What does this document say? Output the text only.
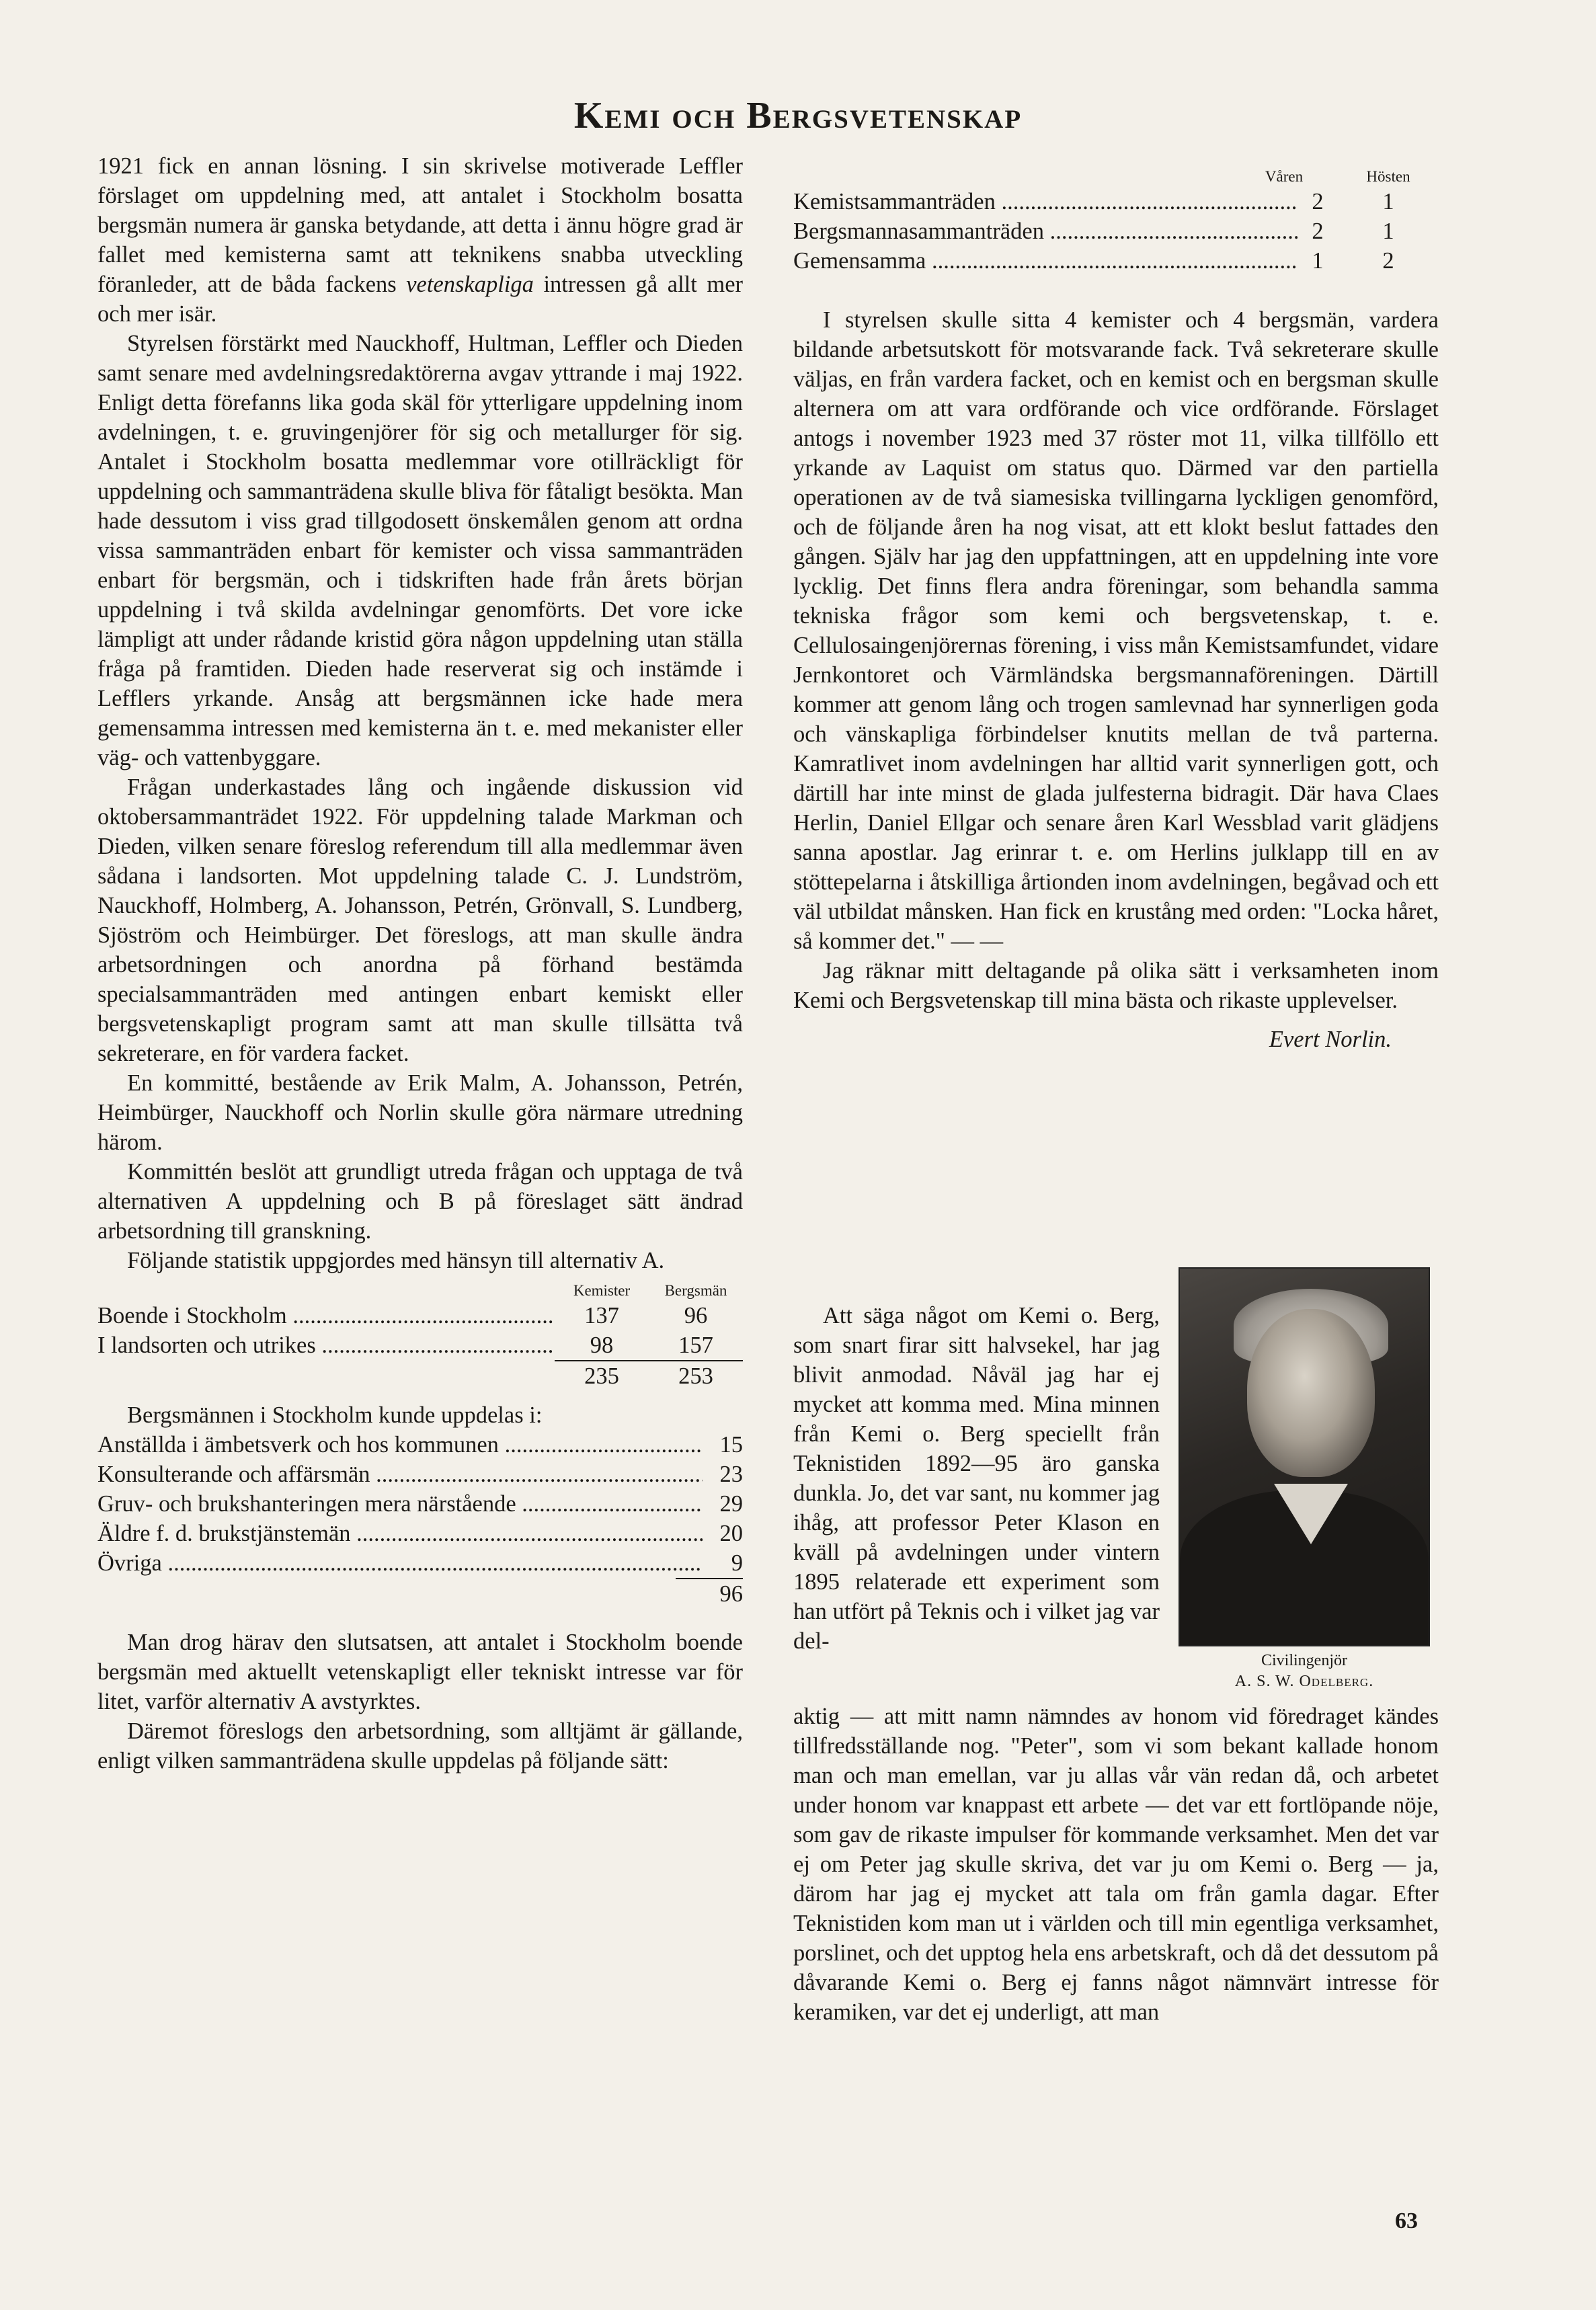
Kemi och Bergsvetenskap

1921 fick en annan lösning. I sin skrivelse motiverade Leffler förslaget om uppdelning med, att antalet i Stockholm bosatta bergsmän numera är ganska betydande, att detta i ännu högre grad är fallet med kemisterna samt att teknikens snabba utveckling föranleder, att de båda fackens vetenskapliga intressen gå allt mer och mer isär.

Styrelsen förstärkt med Nauckhoff, Hultman, Leffler och Dieden samt senare med avdelningsredaktörerna avgav yttrande i maj 1922. Enligt detta förefanns lika goda skäl för ytterligare uppdelning inom avdelningen, t. e. gruvingenjörer för sig och metallurger för sig. Antalet i Stockholm bosatta medlemmar vore otillräckligt för uppdelning och sammanträdena skulle bliva för fåtaligt besökta. Man hade dessutom i viss grad tillgodosett önskemålen genom att ordna vissa sammanträden enbart för kemister och vissa sammanträden enbart för bergsmän, och i tidskriften hade från årets början uppdelning i två skilda avdelningar genomförts. Det vore icke lämpligt att under rådande kristid göra någon uppdelning utan ställa fråga på framtiden. Dieden hade reserverat sig och instämde i Lefflers yrkande. Ansåg att bergsmännen icke hade mera gemensamma intressen med kemisterna än t. e. med mekanister eller väg- och vattenbyggare.

Frågan underkastades lång och ingående diskussion vid oktobersammanträdet 1922. För uppdelning talade Markman och Dieden, vilken senare föreslog referendum till alla medlemmar även sådana i landsorten. Mot uppdelning talade C. J. Lundström, Nauckhoff, Holmberg, A. Johansson, Petrén, Grönvall, S. Lundberg, Sjöström och Heimbürger. Det föreslogs, att man skulle ändra arbetsordningen och anordna på förhand bestämda specialsammanträden med antingen enbart kemiskt eller bergsvetenskapligt program samt att man skulle tillsätta två sekreterare, en för vardera facket.

En kommitté, bestående av Erik Malm, A. Johansson, Petrén, Heimbürger, Nauckhoff och Norlin skulle göra närmare utredning härom.

Kommittén beslöt att grundligt utreda frågan och upptaga de två alternativen A uppdelning och B på föreslaget sätt ändrad arbetsordning till granskning.

Följande statistik uppgjordes med hänsyn till alternativ A.

Kemister	Bergsmän
Boende i Stockholm .....	137	96
I landsorten och utrikes .....	98	157
235	253

Bergsmännen i Stockholm kunde uppdelas i:

Anställda i ämbetsverk och hos kommunen .....	15
Konsulterande och affärsmän .....	23
Gruv- och brukshanteringen mera närstående .....	29
Äldre f. d. brukstjänstemän .....	20
Övriga .....	9
96

Man drog härav den slutsatsen, att antalet i Stockholm boende bergsmän med aktuellt vetenskapligt eller tekniskt intresse var för litet, varför alternativ A avstyrktes.

Däremot föreslogs den arbetsordning, som alltjämt är gällande, enligt vilken sammanträdena skulle uppdelas på följande sätt:

Våren	Hösten
Kemistsammanträden .....	2	1
Bergsmannasammanträden .....	2	1
Gemensamma .....	1	2

I styrelsen skulle sitta 4 kemister och 4 bergsmän, vardera bildande arbetsutskott för motsvarande fack. Två sekreterare skulle väljas, en från vardera facket, och en kemist och en bergsman skulle alternera om att vara ordförande och vice ordförande. Förslaget antogs i november 1923 med 37 röster mot 11, vilka tillföllo ett yrkande av Laquist om status quo. Därmed var den partiella operationen av de två siamesiska tvillingarna lyckligen genomförd, och de följande åren ha nog visat, att ett klokt beslut fattades den gången. Själv har jag den uppfattningen, att en uppdelning inte vore lycklig. Det finns flera andra föreningar, som behandla samma tekniska frågor som kemi och bergsvetenskap, t. e. Cellulosaingenjörernas förening, i viss mån Kemistsamfundet, vidare Jernkontoret och Värmländska bergsmannaföreningen. Därtill kommer att genom lång och trogen samlevnad har synnerligen goda och vänskapliga förbindelser knutits mellan de två parterna. Kamratlivet inom avdelningen har alltid varit synnerligen gott, och därtill har inte minst de glada julfesterna bidragit. Där hava Claes Herlin, Daniel Ellgar och senare åren Karl Wessblad varit glädjens sanna apostlar. Jag erinrar t. e. om Herlins julklapp till en av stöttepelarna i åtskilliga årtionden inom avdelningen, begåvad och ett väl utbildat månsken. Han fick en krustång med orden: "Locka håret, så kommer det." — —

Jag räknar mitt deltagande på olika sätt i verksamheten inom Kemi och Bergsvetenskap till mina bästa och rikaste upplevelser.

Evert Norlin.
Civilingenjör
A. S. W. Odelberg.

Att säga något om Kemi o. Berg, som snart firar sitt halvsekel, har jag blivit anmodad. Nåväl jag har ej mycket att komma med. Mina minnen från Kemi o. Berg speciellt från Teknistiden 1892—95 äro ganska dunkla. Jo, det var sant, nu kommer jag ihåg, att professor Peter Klason en kväll på avdelningen under vintern 1895 relaterade ett experiment som han utfört på Teknis och i vilket jag var del-

aktig — att mitt namn nämndes av honom vid föredraget kändes tillfredsställande nog. "Peter", som vi som bekant kallade honom man och man emellan, var ju allas vår vän redan då, och arbetet under honom var knappast ett arbete — det var ett fortlöpande nöje, som gav de rikaste impulser för kommande verksamhet. Men det var ej om Peter jag skulle skriva, det var ju om Kemi o. Berg — ja, därom har jag ej mycket att tala om från gamla dagar. Efter Teknistiden kom man ut i världen och till min egentliga verksamhet, porslinet, och det upptog hela ens arbetskraft, och då det dessutom på dåvarande Kemi o. Berg ej fanns något nämnvärt intresse för keramiken, var det ej underligt, att man

63
